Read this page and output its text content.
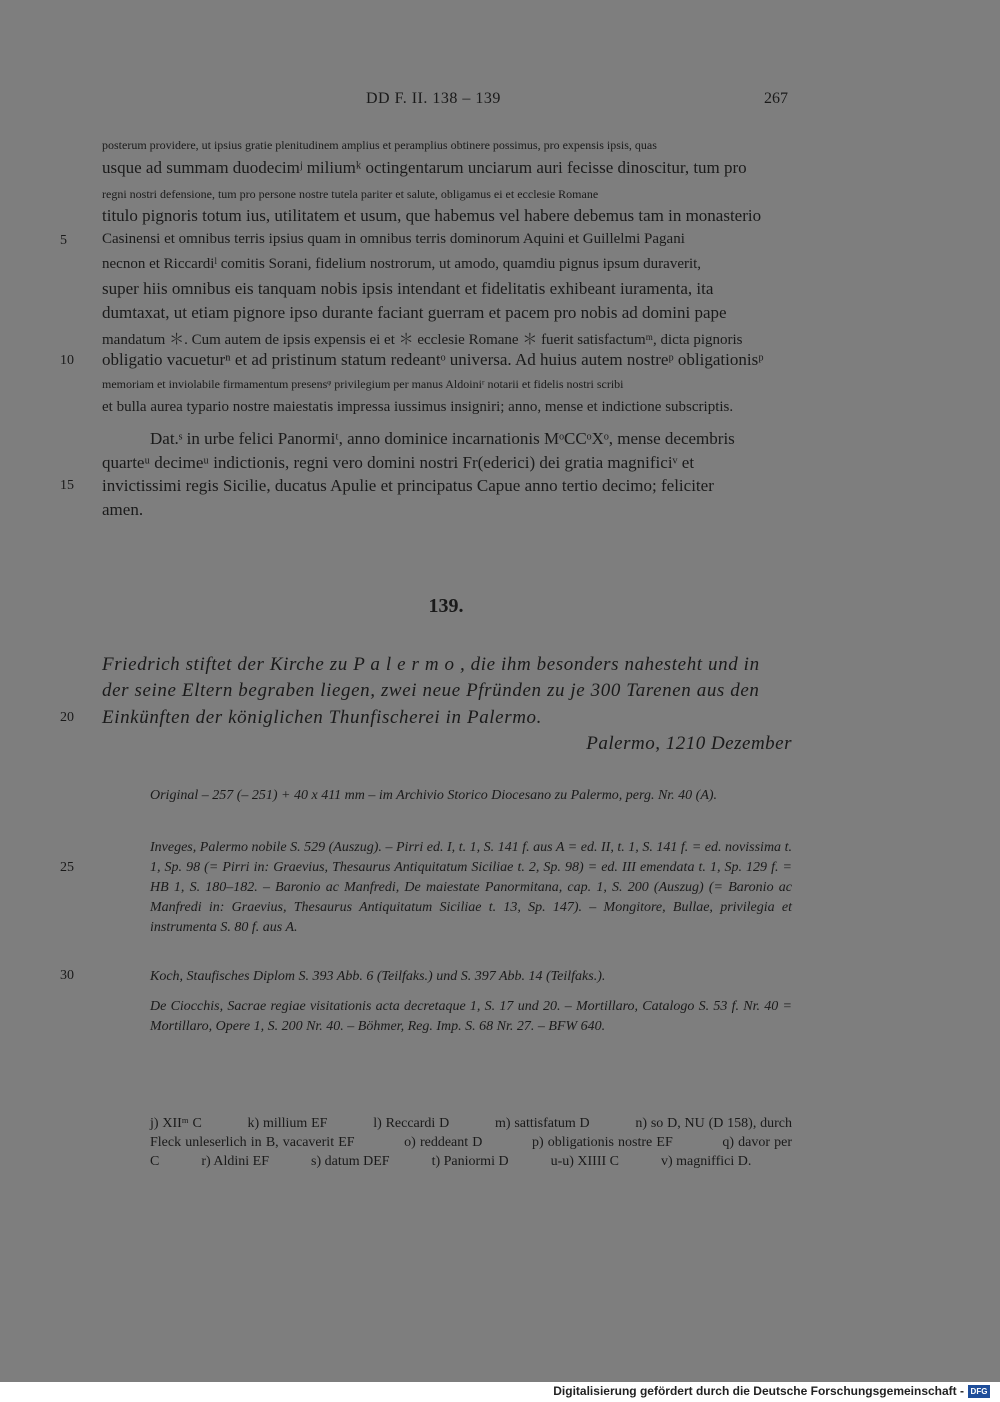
DD F. II. 138 – 139	267
posterum providere, ut ipsius gratie plenitudinem amplius et peramplius obtinere possimus, pro expensis ipsis, quas
usque ad summam duodecimʲ miliumᵏ octingentarum unciarum auri fecisse dinoscitur, tum pro
regni nostri defensione, tum pro persone nostre tutela pariter et salute, obligamus ei et ecclesie Romane
titulo pignoris totum ius, utilitatem et usum, que habemus vel habere debemus tam in monasterio
5 Casinensi et omnibus terris ipsius quam in omnibus terris dominorum Aquini et Guillelmi Pagani
necnon et Riccardiˡ comitis Sorani, fidelium nostrorum, ut amodo, quamdiu pignus ipsum duraverit,
super hiis omnibus eis tanquam nobis ipsis intendant et fidelitatis exhibeant iuramenta, ita
dumtaxat, ut etiam pignore ipso durante faciant guerram et pacem pro nobis ad domini pape
mandatum ＊. Cum autem de ipsis expensis ei et ＊ ecclesie Romane ＊ fuerit satisfactumᵐ, dicta pignoris
10 obligatio vacueturⁿ et ad pristinum statum redeantᵒ universa. Ad huius autem nostreᵖ obligationisᵖ
memoriam et inviolabile firmamentum presensᵠ privilegium per manus Aldoiniʳ notarii et fidelis nostri scribi
et bulla aurea typario nostre maiestatis impressa iussimus insigniri; anno, mense et indictione subscriptis.
Dat.ˢ in urbe felici Panormiᵗ, anno dominice incarnationis MᵒCCᵒXᵒ, mense decembris
quarteᵘ decimeᵘ indictionis, regni vero domini nostri Fr(ederici) dei gratia magnificiᵛ et
15 invictissimi regis Sicilie, ducatus Apulie et principatus Capue anno tertio decimo; feliciter
amen.
139.
Friedrich stiftet der Kirche zu P a l e r m o , die ihm besonders nahesteht und in
der seine Eltern begraben liegen, zwei neue Pfründen zu je 300 Tarenen aus den
20 Einkünften der königlichen Thunfischerei in Palermo.
Palermo, 1210 Dezember
Original – 257 (– 251) + 40 x 411 mm – im Archivio Storico Diocesano zu Palermo, perg. Nr. 40 (A).
25
Inveges, Palermo nobile S. 529 (Auszug). – Pirri ed. I, t. 1, S. 141 f. aus A = ed. II, t. 1, S. 141 f. = ed. novissima t. 1, Sp. 98 (= Pirri in: Graevius, Thesaurus Antiquitatum Siciliae t. 2, Sp. 98) = ed. III emendata t. 1, Sp. 129 f. = HB 1, S. 180–182. – Baronio ac Manfredi, De maiestate Panormitana, cap. 1, S. 200 (Auszug) (= Baronio ac Manfredi in: Graevius, Thesaurus Antiquitatum Siciliae t. 13, Sp. 147). – Mongitore, Bullae, privilegia et instrumenta S. 80 f. aus A.
30	Koch, Staufisches Diplom S. 393 Abb. 6 (Teilfaks.) und S. 397 Abb. 14 (Teilfaks.).
De Ciocchis, Sacrae regiae visitationis acta decretaque 1, S. 17 und 20. – Mortillaro, Catalogo S. 53 f. Nr. 40 = Mortillaro, Opere 1, S. 200 Nr. 40. – Böhmer, Reg. Imp. S. 68 Nr. 27. – BFW 640.
j) XIIᵐ C	k) millium EF	l) Reccardi D	m) sattisfatum D	n) so D, NU (D 158), durch Fleck unleserlich in B, vacaverit EF	o) reddeant D	p) obligationis nostre EF	q) davor per C	r) Aldini EF	s) datum DEF	t) Paniormi D	u-u) XIIII C	v) magniffici D.
Digitalisierung gefördert durch die Deutsche Forschungsgemeinschaft - DFG
